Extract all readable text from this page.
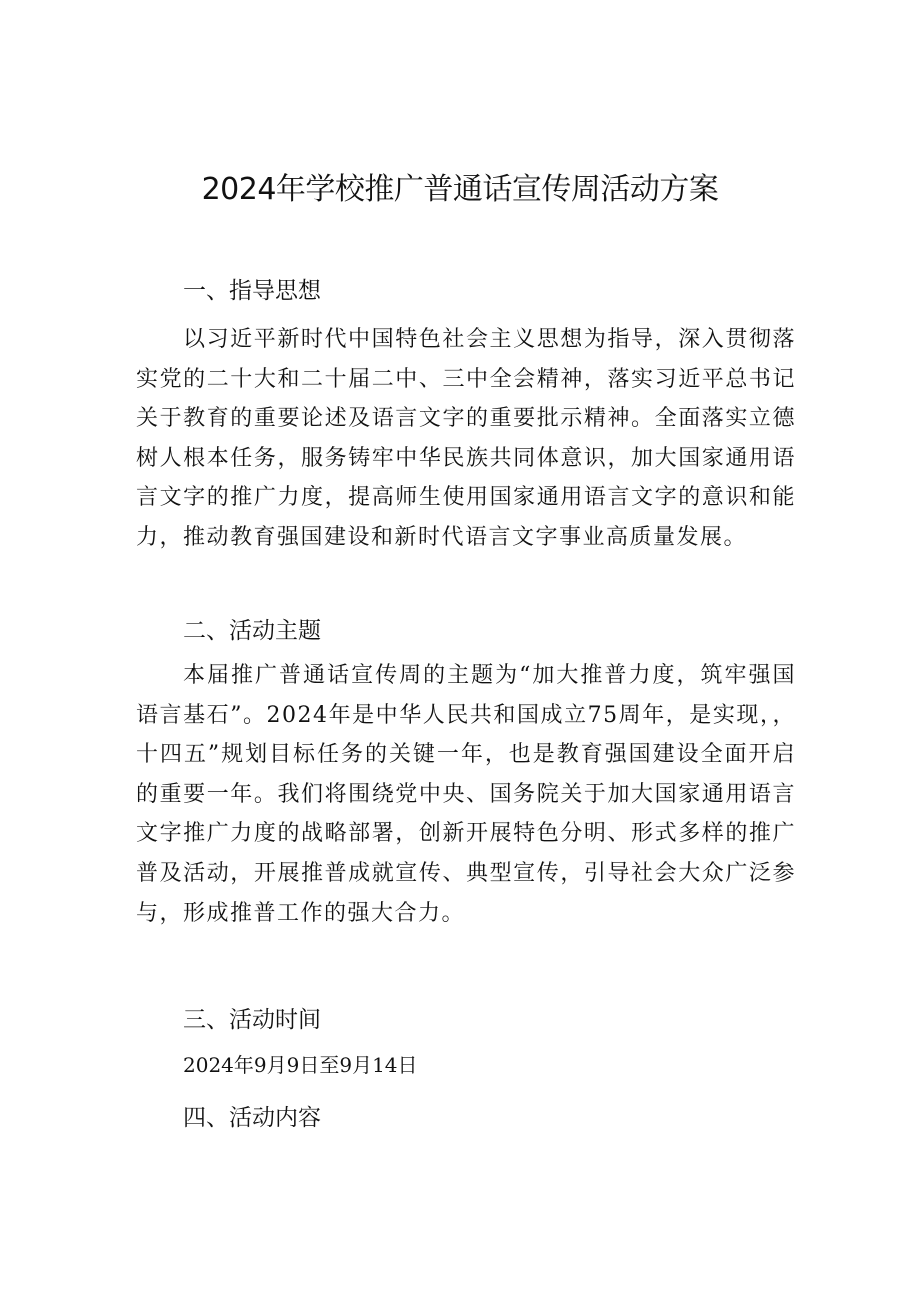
2024年学校推广普通话宣传周活动方案
一、指导思想

以习近平新时代中国特色社会主义思想为指导，深入贯彻落实党的二十大和二十届二中、三中全会精神，落实习近平总书记关于教育的重要论述及语言文字的重要批示精神。全面落实立德树人根本任务，服务铸牢中华民族共同体意识，加大国家通用语言文字的推广力度，提高师生使用国家通用语言文字的意识和能力，推动教育强国建设和新时代语言文字事业高质量发展。

二、活动主题

本届推广普通话宣传周的主题为“加大推普力度，筑牢强国语言基石”。2024年是中华人民共和国成立75周年，是实现，，十四五”规划目标任务的关键一年，也是教育强国建设全面开启的重要一年。我们将围绕党中央、国务院关于加大国家通用语言文字推广力度的战略部署，创新开展特色分明、形式多样的推广普及活动，开展推普成就宣传、典型宣传，引导社会大众广泛参与，形成推普工作的强大合力。

三、活动时间

2024年9月9日至9月14日

四、活动内容
